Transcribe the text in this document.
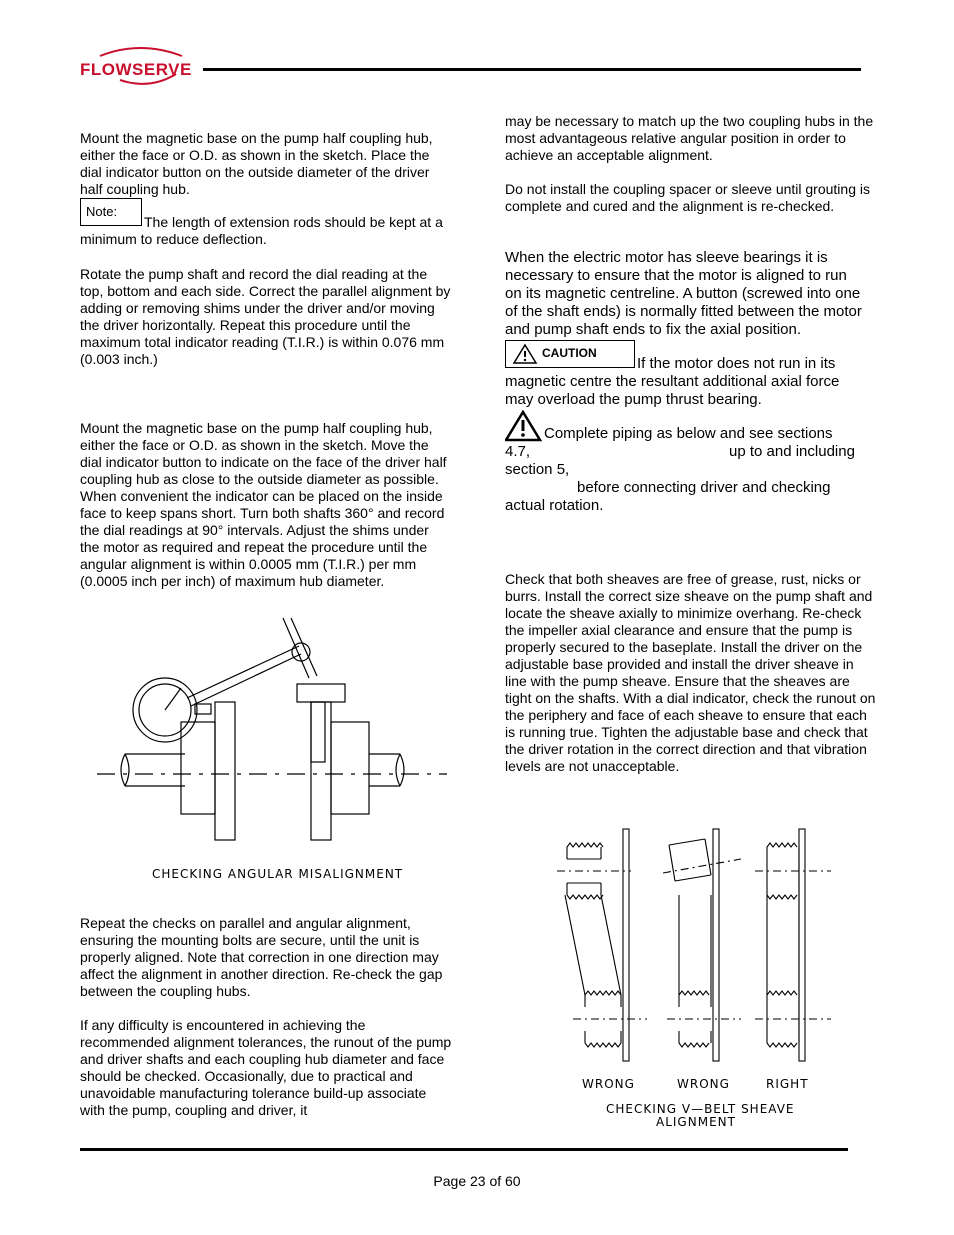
FLOWSERVE

Mount the magnetic base on the pump half coupling hub, either the face or O.D. as shown in the sketch. Place the dial indicator button on the outside diameter of the driver half coupling hub.

Note:

The length of extension rods should be kept at a minimum to reduce deflection.

Rotate the pump shaft and record the dial reading at the top, bottom and each side. Correct the parallel alignment by adding or removing shims under the driver and/or moving the driver horizontally. Repeat this procedure until the maximum total indicator reading (T.I.R.) is within 0.076 mm (0.003 inch.)

Mount the magnetic base on the pump half coupling hub, either the face or O.D. as shown in the sketch. Move the dial indicator button to indicate on the face of the driver half coupling hub as close to the outside diameter as possible. When convenient the indicator can be placed on the inside face to keep spans short. Turn both shafts 360° and record the dial readings at 90° intervals. Adjust the shims under the motor as required and repeat the procedure until the angular alignment is within 0.0005 mm (T.I.R.) per mm (0.0005 inch per inch) of maximum hub diameter.

CHECKING ANGULAR MISALIGNMENT

Repeat the checks on parallel and angular alignment, ensuring the mounting bolts are secure, until the unit is properly aligned. Note that correction in one direction may affect the alignment in another direction. Re-check the gap between the coupling hubs.

If any difficulty is encountered in achieving the recommended alignment tolerances, the runout of the pump and driver shafts and each coupling hub diameter and face should be checked. Occasionally, due to practical and unavoidable manufacturing tolerance build-up associate with the pump, coupling and driver, it

may be necessary to match up the two coupling hubs in the most advantageous relative angular position in order to achieve an acceptable alignment.

Do not install the coupling spacer or sleeve until grouting is complete and cured and the alignment is re-checked.

When the electric motor has sleeve bearings it is necessary to ensure that the motor is aligned to run on its magnetic centreline. A button (screwed into one of the shaft ends) is normally fitted between the motor and pump shaft ends to fix the axial position.

CAUTION

If the motor does not run in its magnetic centre the resultant additional axial force may overload the pump thrust bearing.

Complete piping as below and see sections
4.7,	up to and including
section 5,
before connecting driver and checking
actual rotation.

Check that both sheaves are free of grease, rust, nicks or burrs. Install the correct size sheave on the pump shaft and locate the sheave axially to minimize overhang. Re-check the impeller axial clearance and ensure that the pump is properly secured to the baseplate. Install the driver on the adjustable base provided and install the driver sheave in line with the pump sheave. Ensure that the sheaves are tight on the shafts. With a dial indicator, check the runout on the periphery and face of each sheave to ensure that each is running true. Tighten the adjustable base and check that the driver rotation in the correct direction and that vibration levels are not unacceptable.

WRONG	WRONG	RIGHT
CHECKING V—BELT SHEAVE
ALIGNMENT
Page 23 of 60
